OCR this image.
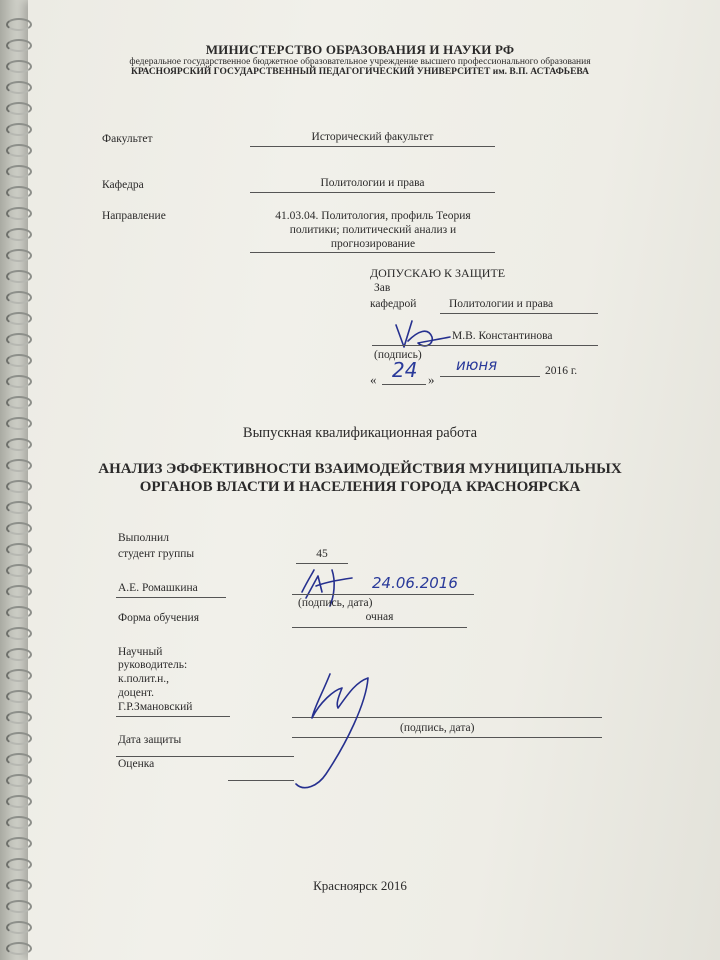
МИНИСТЕРСТВО ОБРАЗОВАНИЯ И НАУКИ РФ
федеральное государственное бюджетное образовательное учреждение высшего профессионального образования
КРАСНОЯРСКИЙ ГОСУДАРСТВЕННЫЙ ПЕДАГОГИЧЕСКИЙ УНИВЕРСИТЕТ им. В.П. АСТАФЬЕВА
Факультет	Исторический факультет
Кафедра	Политологии и права
Направление	41.03.04. Политология, профиль Теория
политики; политический анализ и
прогнозирование
ДОПУСКАЮ К ЗАЩИТЕ
Зав
кафедрой	Политологии и права
М.В. Константинова
(подпись)
« 24 »
июня	2016 г.
Выпускная квалификационная работа
АНАЛИЗ ЭФФЕКТИВНОСТИ ВЗАИМОДЕЙСТВИЯ МУНИЦИПАЛЬНЫХ ОРГАНОВ ВЛАСТИ И НАСЕЛЕНИЯ ГОРОДА КРАСНОЯРСКА
Выполнил
студент группы	45
А.Е. Ромашкина	24.06.2016
(подпись, дата)
Форма обучения	очная
Научный
руководитель:
к.полит.н.,
доцент.
Г.Р.Змановский
(подпись, дата)
Дата защиты
Оценка
Красноярск 2016
